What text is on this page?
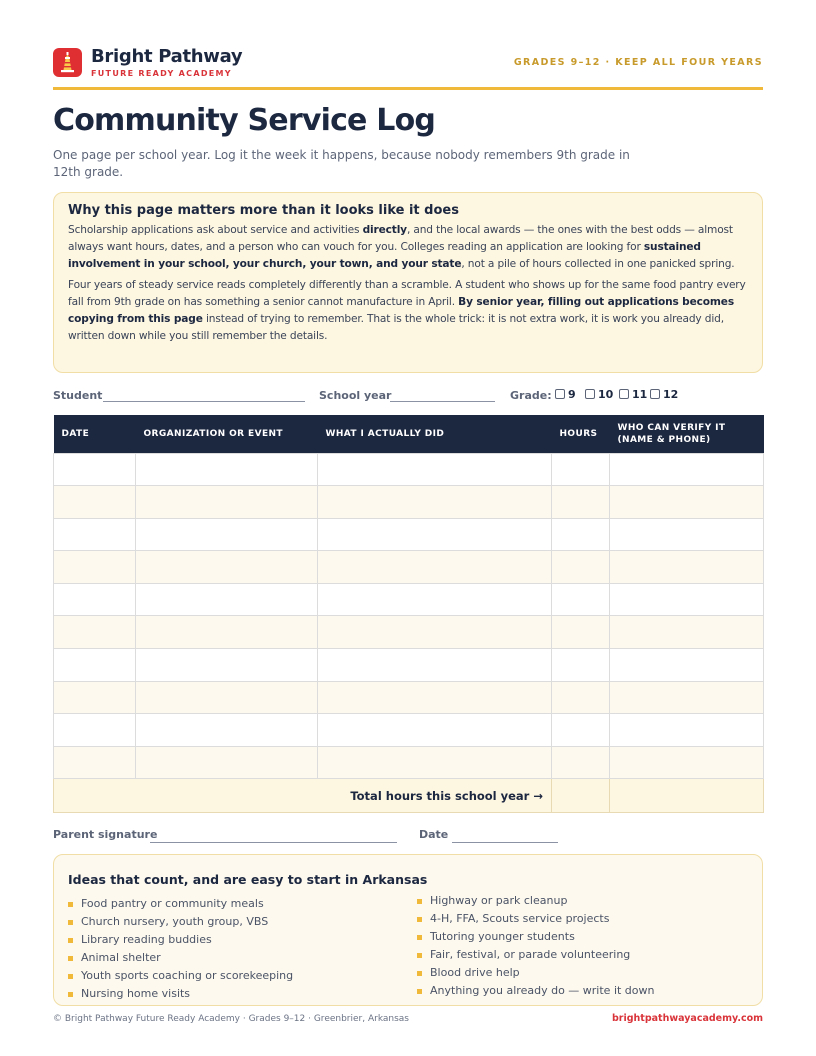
Bright Pathway
FUTURE READY ACADEMY
GRADES 9–12 · KEEP ALL FOUR YEARS
Community Service Log
One page per school year. Log it the week it happens, because nobody remembers 9th grade in 12th grade.
Why this page matters more than it looks like it does

Scholarship applications ask about service and activities directly, and the local awards — the ones with the best odds — almost always want hours, dates, and a person who can vouch for you. Colleges reading an application are looking for sustained involvement in your school, your church, your town, and your state, not a pile of hours collected in one panicked spring.

Four years of steady service reads completely differently than a scramble. A student who shows up for the same food pantry every fall from 9th grade on has something a senior cannot manufacture in April. By senior year, filling out applications becomes copying from this page instead of trying to remember. That is the whole trick: it is not extra work, it is work you already did, written down while you still remember the details.

Student	School year	Grade:	9	10	11	12
DATE	ORGANIZATION OR EVENT	WHAT I ACTUALLY DID	HOURS	WHO CAN VERIFY IT (NAME & PHONE)

Total hours this school year →				
Parent signature	Date
Ideas that count, and are easy to start in Arkansas
Food pantry or community meals
Church nursery, youth group, VBS
Library reading buddies
Animal shelter
Youth sports coaching or scorekeeping
Nursing home visits
Highway or park cleanup
4-H, FFA, Scouts service projects
Tutoring younger students
Fair, festival, or parade volunteering
Blood drive help
Anything you already do — write it down
© Bright Pathway Future Ready Academy · Grades 9–12 · Greenbrier, Arkansas	brightpathwayacademy.com
